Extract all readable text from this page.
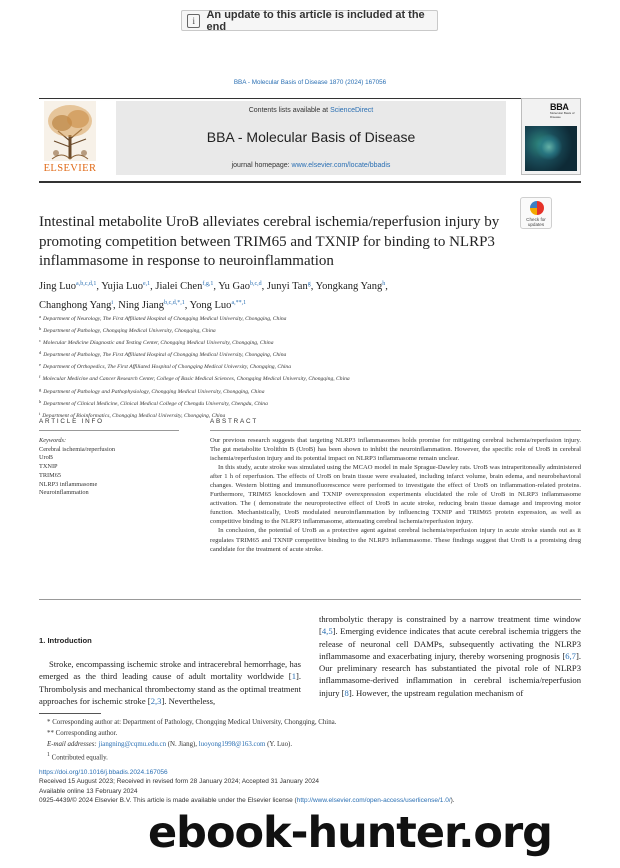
i	An update to this article is included at the end
BBA - Molecular Basis of Disease 1870 (2024) 167056
ELSEVIER
Contents lists available at ScienceDirect
BBA - Molecular Basis of Disease
journal homepage: www.elsevier.com/locate/bbadis
BBA
Molecular Basis of Disease
Check for
updates
Intestinal metabolite UroB alleviates cerebral ischemia/reperfusion injury by promoting competition between TRIM65 and TXNIP for binding to NLRP3 inflammasome in response to neuroinflammation
Jing Luo$^{a,b,c,d,1}$, Yujia Luo$^{e,1}$, Jialei Chen$^{f,g,1}$, Yu Gao$^{b,c,d}$, Junyi Tan$^g$, Yongkang Yang$^h$,
Changhong Yang$^i$, Ning Jiang$^{b,c,d,*,1}$, Yong Luo$^{a,**,1}$
$^a$ Department of Neurology, The First Affiliated Hospital of Chongqing Medical University, Chongqing, China
$^b$ Department of Pathology, Chongqing Medical University, Chongqing, China
$^c$ Molecular Medicine Diagnostic and Testing Center, Chongqing Medical University, Chongqing, China
$^d$ Department of Pathology, The First Affiliated Hospital of Chongqing Medical University, Chongqing, China
$^e$ Department of Orthopedics, The First Affiliated Hospital of Chongqing Medical University, Chongqing, China
$^f$ Molecular Medicine and Cancer Research Center, College of Basic Medical Sciences, Chongqing Medical University, Chongqing, China
$^g$ Department of Pathology and Pathophysiology, Chongqing Medical University, Chongqing, China
$^h$ Department of Clinical Medicine, Clinical Medical College of Chengdu University, Chengdu, China
$^i$ Department of Bioinformatics, Chongqing Medical University, Chongqing, China
ARTICLE INFO	ABSTRACT
Keywords:
Cerebral ischemia/reperfusion
UroB
TXNIP
TRIM65
NLRP3 inflammasome
Neuroinflammation

Our previous research suggests that targeting NLRP3 inflammasomes holds promise for mitigating cerebral ischemia/reperfusion injury. The gut metabolite Urolithin B (UroB) has been shown to inhibit the neuroinflammation. However, the specific role of UroB in cerebral ischemia/reperfusion injury and its potential impact on NLRP3 inflammasome remain unclear.

In this study, acute stroke was simulated using the MCAO model in male Sprague-Dawley rats. UroB was intraperitoneally administered after 1 h of reperfusion. The effects of UroB on brain tissue were evaluated, including infarct volume, brain edema, and neurobehavioral changes. Western blotting and immunofluorescence were performed to investigate the effect of UroB on inflammation-related proteins. Furthermore, TRIM65 knockdown and TXNIP overexpression experiments elucidated the role of UroB in NLRP3 inflammasome activation. The ( demonstrate the neuroprotective effect of UroB in acute stroke, reducing brain tissue damage and improving motor function. Mechanistically, UroB modulated neuroinflammation by influencing TXNIP and TRIM65 protein expression, as well as competitive binding to the NLRP3 inflammasome, attenuating cerebral ischemia/reperfusion injury.

In conclusion, the potential of UroB as a protective agent against cerebral ischemia/reperfusion injury in acute stroke stands out as it regulates TRIM65 and TXNIP competitive binding to the NLRP3 inflammasome. These findings suggest that UroB is a promising drug candidate for the treatment of acute stroke.

1. Introduction
Stroke, encompassing ischemic stroke and intracerebral hemorrhage, has emerged as the third leading cause of adult mortality worldwide [1]. Thrombolysis and mechanical thrombectomy stand as the optimal treatment approaches for ischemic stroke [2,3]. Nevertheless,
thrombolytic therapy is constrained by a narrow treatment time window [4,5]. Emerging evidence indicates that acute cerebral ischemia triggers the release of neuronal cell DAMPs, subsequently activating the NLRP3 inflammasome and exacerbating injury, thereby worsening prognosis [6,7]. Our preliminary research has substantiated the pivotal role of NLRP3 inflammasome-derived inflammation in cerebral ischemia/reperfusion injury [8]. However, the upstream regulation mechanism of
* Corresponding author at: Department of Pathology, Chongqing Medical University, Chongqing, China.
** Corresponding author.
E-mail addresses: jiangning@cqmu.edu.cn (N. Jiang), luoyong1998@163.com (Y. Luo).
$^1$ Contributed equally.
https://doi.org/10.1016/j.bbadis.2024.167056
Received 15 August 2023; Received in revised form 28 January 2024; Accepted 31 January 2024
Available online 13 February 2024
0925-4439/© 2024 Elsevier B.V. This article is made available under the Elsevier license (http://www.elsevier.com/open-access/userlicense/1.0/).
ebook-hunter.org
